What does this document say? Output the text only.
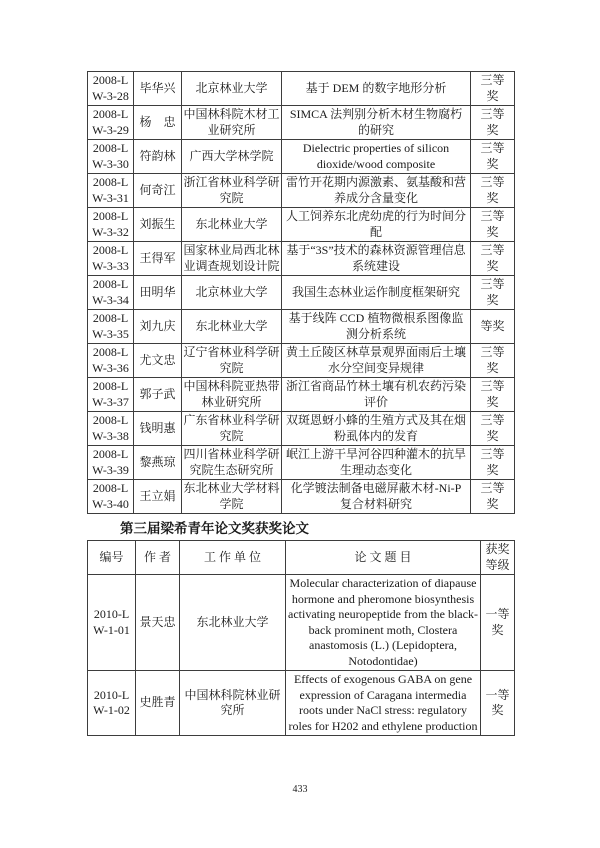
2008-LW-3-28	毕华兴	北京林业大学	基于 DEM 的数字地形分析	三等奖
2008-LW-3-29	杨　忠	中国林科院木材工业研究所	SIMCA 法判别分析木材生物腐朽的研究	三等奖
2008-LW-3-30	符韵林	广西大学林学院	Dielectric properties of silicon dioxide/wood composite	三等奖
2008-LW-3-31	何奇江	浙江省林业科学研究院	雷竹开花期内源激素、氨基酸和营养成分含量变化	三等奖
2008-LW-3-32	刘振生	东北林业大学	人工饲养东北虎幼虎的行为时间分配	三等奖
2008-LW-3-33	王得军	国家林业局西北林业调查规划设计院	基于“3S”技术的森林资源管理信息系统建设	三等奖
2008-LW-3-34	田明华	北京林业大学	我国生态林业运作制度框架研究	三等奖
2008-LW-3-35	刘九庆	东北林业大学	基于线阵 CCD 植物微根系图像监测分析系统	等奖
2008-LW-3-36	尤文忠	辽宁省林业科学研究院	黄土丘陵区林草景观界面雨后土壤水分空间变异规律	三等奖
2008-LW-3-37	郭子武	中国林科院亚热带林业研究所	浙江省商品竹林土壤有机农药污染评价	三等奖
2008-LW-3-38	钱明惠	广东省林业科学研究院	双斑恩蚜小蜂的生殖方式及其在烟粉虱体内的发育	三等奖
2008-LW-3-39	黎燕琼	四川省林业科学研究院生态研究所	岷江上游干旱河谷四种灌木的抗旱生理动态变化	三等奖
2008-LW-3-40	王立娟	东北林业大学材料学院	化学镀法制备电磁屏蔽木材-Ni-P 复合材料研究	三等奖
第三届梁希青年论文奖获奖论文
编号	作 者	工 作 单 位	论 文 题 目	获奖等级
2010-LW-1-01	景天忠	东北林业大学	Molecular characterization of diapause hormone and pheromone biosynthesis activating neuropeptide from the black-back prominent moth, Clostera anastomosis (L.) (Lepidoptera, Notodontidae)	一等奖
2010-LW-1-02	史胜青	中国林科院林业研究所	Effects of exogenous GABA on gene expression of Caragana intermedia roots under NaCl stress: regulatory roles for H202 and ethylene production	一等奖
433
